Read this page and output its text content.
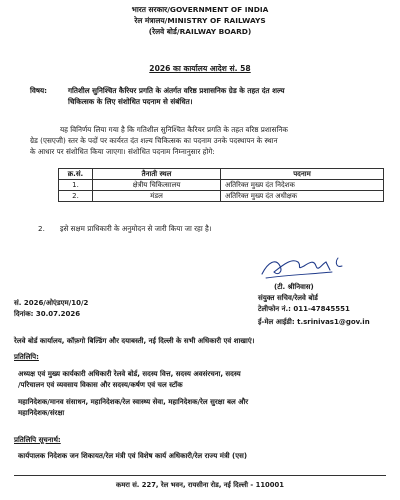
भारत सरकार/GOVERNMENT OF INDIA
रेल मंत्रालय/MINISTRY OF RAILWAYS
(रेलवे बोर्ड/RAILWAY BOARD)
2026 का कार्यालय आदेश सं. 58
विषय:	गतिशील सुनिश्चित कैरियर प्रगति के अंतर्गत वरिष्ठ प्रशासनिक ग्रेड के तहत दंत शल्य
चिकित्सक के लिए संशोधित पदनाम से संबंधित।
यह विनिर्णय लिया गया है कि गतिशील सुनिश्चित कैरियर प्रगति के तहत वरिष्ठ प्रशासनिक
ग्रेड (एसएजी) स्तर के पदों पर कार्यरत दंत शल्य चिकित्सक का पदनाम उनके पदस्थापन के स्थान
के आधार पर संशोधित किया जाएगा। संशोधित पदनाम निम्नानुसार होगे:
क्र.सं.	तैनाती स्थल	पदनाम
1.	क्षेत्रीय चिकित्सालय	अतिरिक्त मुख्य दंत निदेशक
2.	मंडल	अतिरिक्त मुख्य दंत अधीक्षक
2. इसे सक्षम प्राधिकारी के अनुमोदन से जारी किया जा रहा है।
(टी. श्रीनिवास)
संयुक्त सचिव/रेलवे बोर्ड
टेलीफोन नं.: 011-47845551
ई-मेल आईडी: t.srinivas1@gov.in
सं. 2026/ओएंडएम/10/2
दिनांक: 30.07.2026
रेलवे बोर्ड कार्यालय, कॉफ़गो बिल्डिंग और दयाबस्ती, नई दिल्ली के सभी अधिकारी एवं शाखाएं।
प्रतिलिपि:
अध्यक्ष एवं मुख्य कार्यकारी अधिकारी रेलवे बोर्ड, सदस्य वित्त, सदस्य अवसंरचना, सदस्य
/परिचालन एवं व्यवसाय विकास और सदस्य/कर्षण एवं चल स्टॉक
महानिदेशक/मानव संसाधन, महानिदेशक/रेल स्वास्थ्य सेवा, महानिदेशक/रेल सुरक्षा बल और
महानिदेशक/संरक्षा
प्रतिलिपि सूचनार्थ:
कार्यपालक निदेशक जन शिकायत/रेल मंत्री एवं विशेष कार्य अधिकारी/रेल राज्य मंत्री (एस)
कमरा सं. 227, रेल भवन, रायसीना रोड, नई दिल्ली - 110001
